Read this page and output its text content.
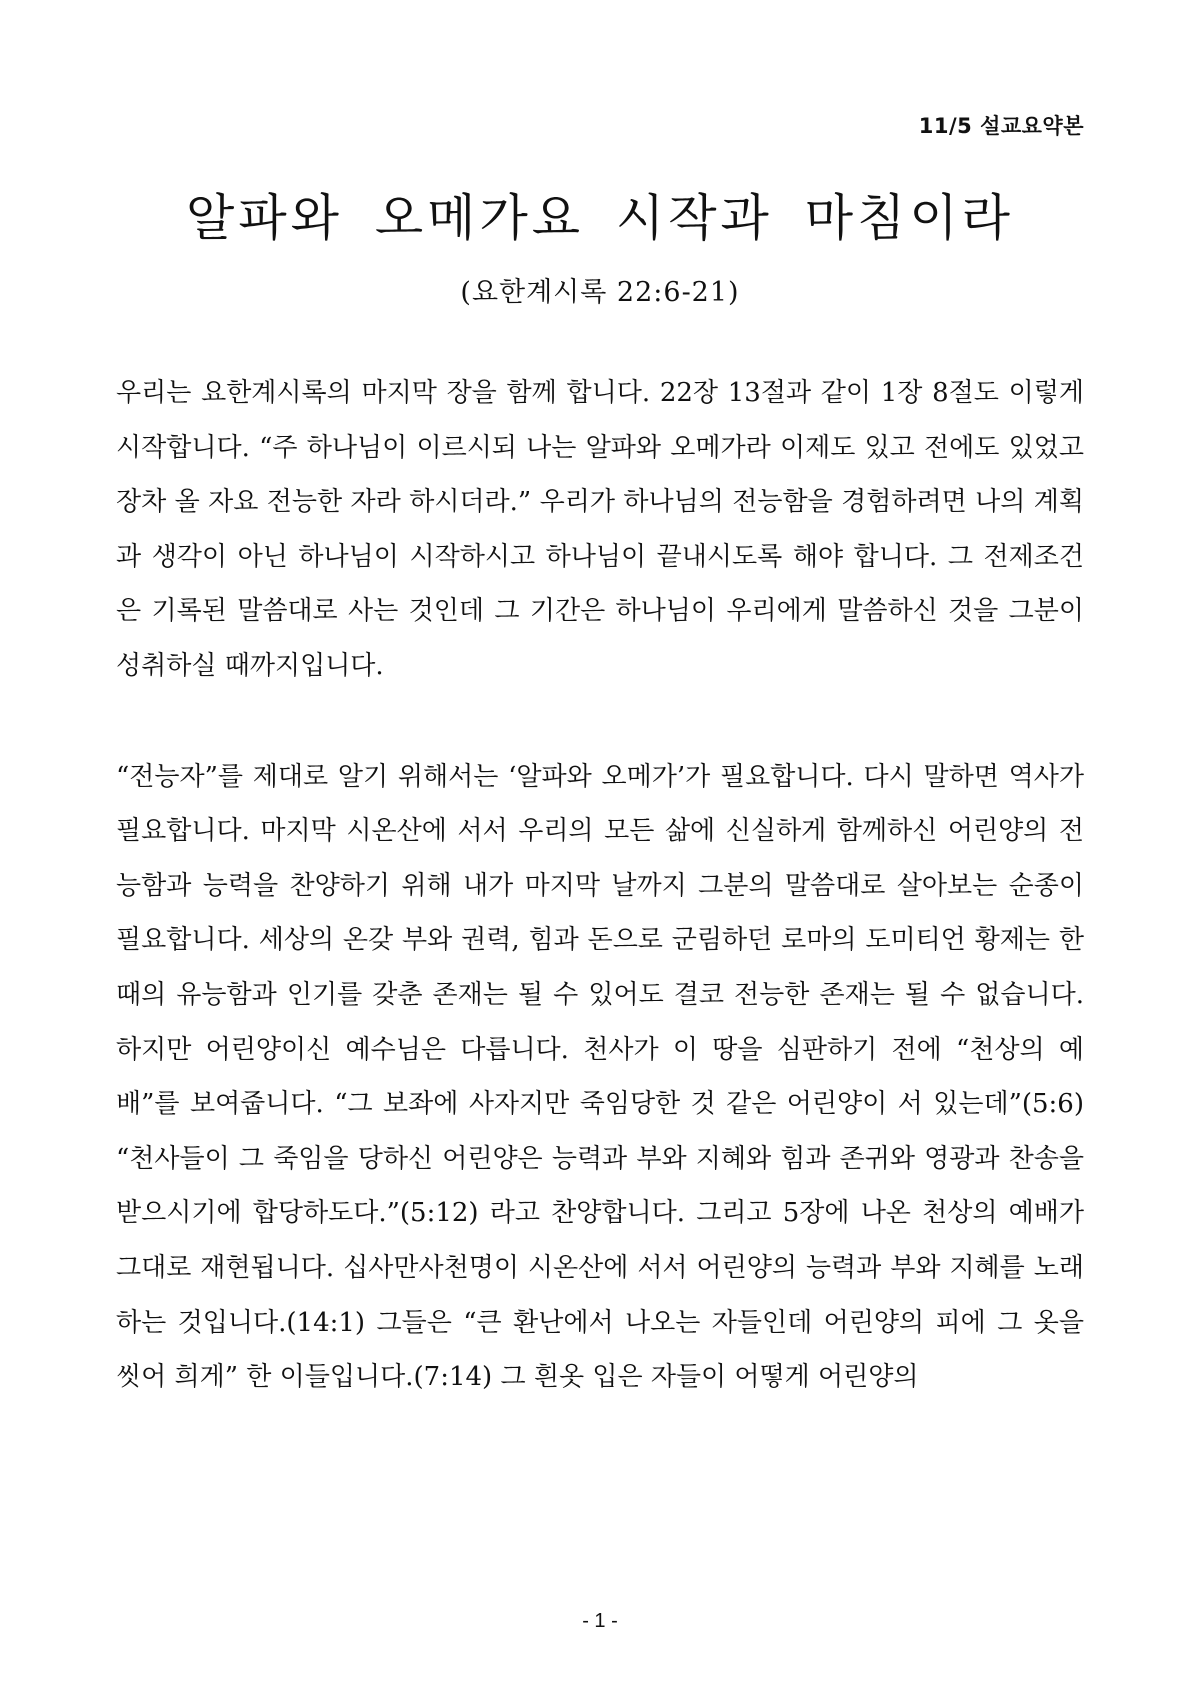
11/5 설교요약본
알파와 오메가요 시작과 마침이라
(요한계시록 22:6-21)

우리는 요한계시록의 마지막 장을 함께 합니다. 22장 13절과 같이 1장 8절도 이렇게 시작합니다. “주 하나님이 이르시되 나는 알파와 오메가라 이제도 있고 전에도 있었고 장차 올 자요 전능한 자라 하시더라.” 우리가 하나님의 전능함을 경험하려면 나의 계획과 생각이 아닌 하나님이 시작하시고 하나님이 끝내시도록 해야 합니다. 그 전제조건은 기록된 말씀대로 사는 것인데 그 기간은 하나님이 우리에게 말씀하신 것을 그분이 성취하실 때까지입니다.

“전능자”를 제대로 알기 위해서는 ‘알파와 오메가’가 필요합니다. 다시 말하면 역사가 필요합니다. 마지막 시온산에 서서 우리의 모든 삶에 신실하게 함께하신 어린양의 전능함과 능력을 찬양하기 위해 내가 마지막 날까지 그분의 말씀대로 살아보는 순종이 필요합니다. 세상의 온갖 부와 권력, 힘과 돈으로 군림하던 로마의 도미티언 황제는 한때의 유능함과 인기를 갖춘 존재는 될 수 있어도 결코 전능한 존재는 될 수 없습니다. 하지만 어린양이신 예수님은 다릅니다. 천사가 이 땅을 심판하기 전에 “천상의 예배”를 보여줍니다. “그 보좌에 사자지만 죽임당한 것 같은 어린양이 서 있는데”(5:6) “천사들이 그 죽임을 당하신 어린양은 능력과 부와 지혜와 힘과 존귀와 영광과 찬송을 받으시기에 합당하도다.”(5:12) 라고 찬양합니다. 그리고 5장에 나온 천상의 예배가 그대로 재현됩니다. 십사만사천명이 시온산에 서서 어린양의 능력과 부와 지혜를 노래하는 것입니다.(14:1) 그들은 “큰 환난에서 나오는 자들인데 어린양의 피에 그 옷을 씻어 희게” 한 이들입니다.(7:14) 그 흰옷 입은 자들이 어떻게 어린양의

- 1 -
